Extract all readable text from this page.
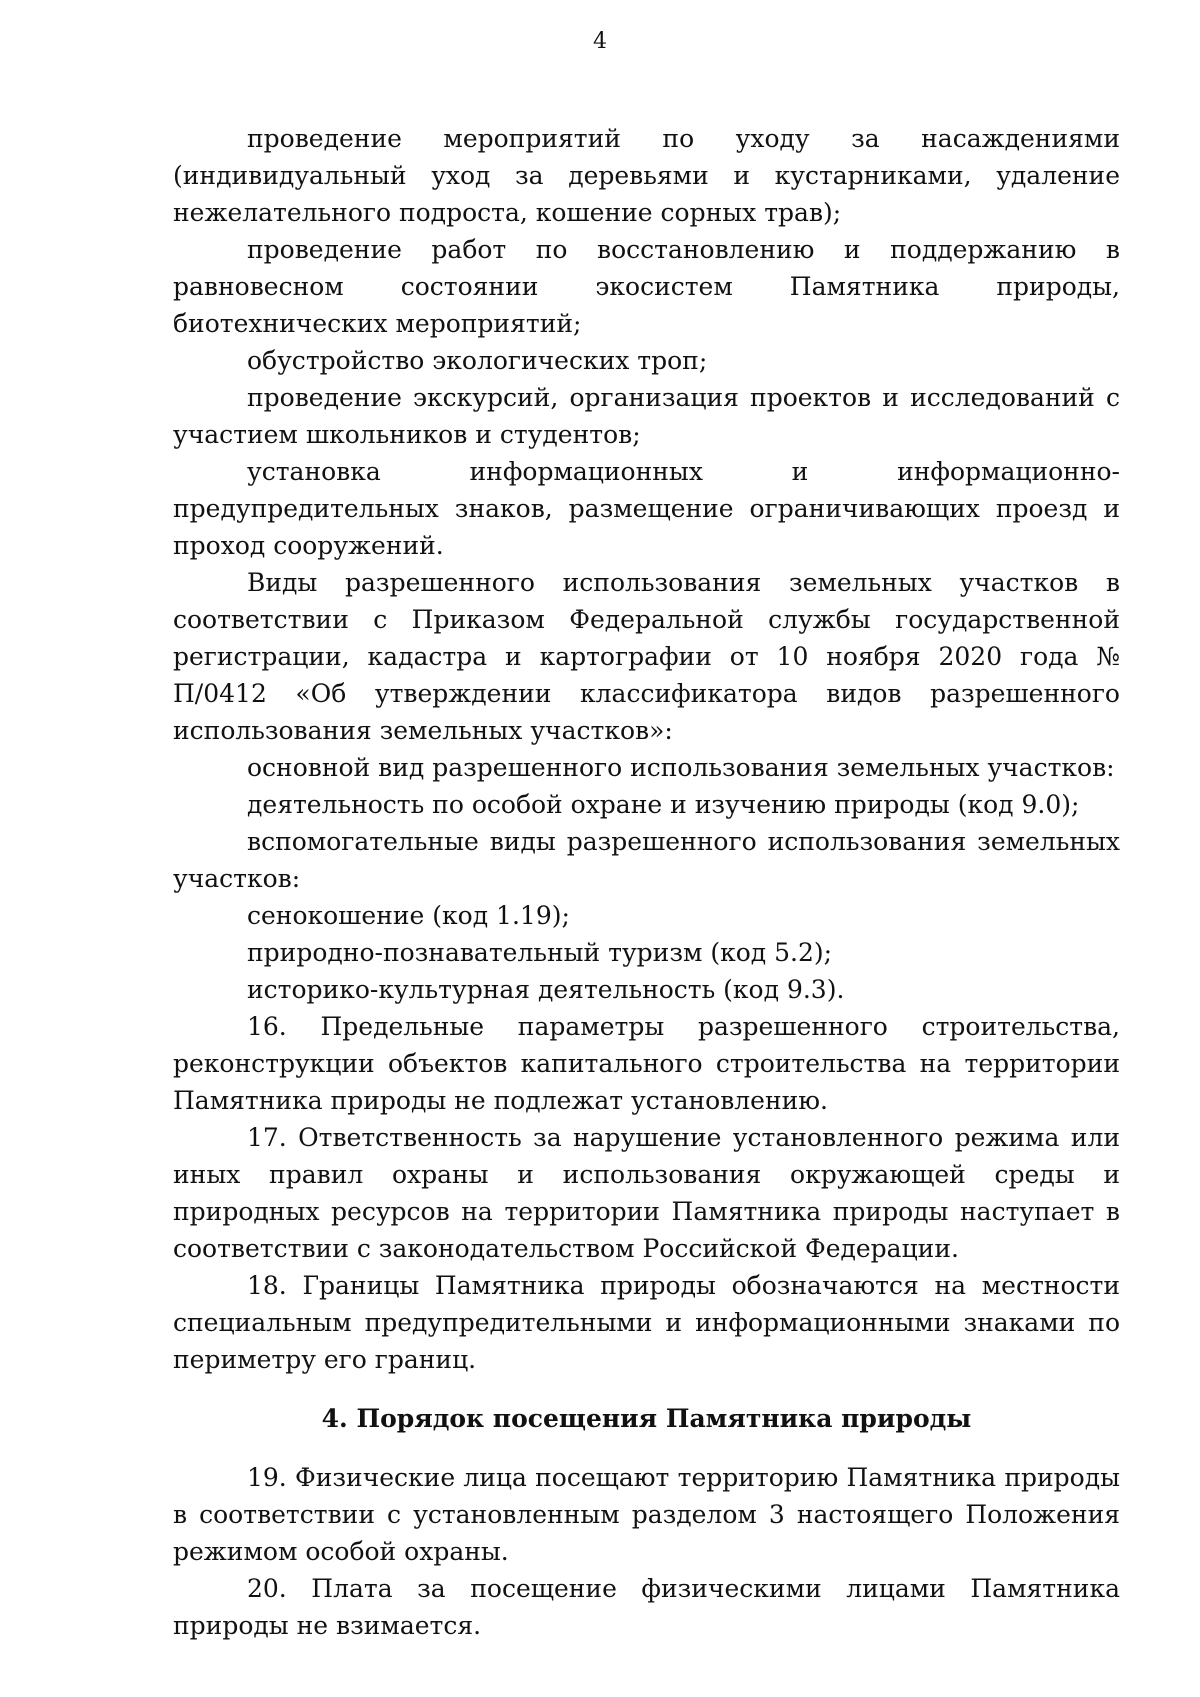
4

проведение мероприятий по уходу за насаждениями (индивидуальный уход за деревьями и кустарниками, удаление нежелательного подроста, кошение сорных трав);

проведение работ по восстановлению и поддержанию в равновесном состоянии экосистем Памятника природы, биотехнических мероприятий;

обустройство экологических троп;

проведение экскурсий, организация проектов и исследований с участием школьников и студентов;

установка информационных и информационно-предупредительных знаков, размещение ограничивающих проезд и проход сооружений.

Виды разрешенного использования земельных участков в соответствии с Приказом Федеральной службы государственной регистрации, кадастра и картографии от 10 ноября 2020 года № П/0412 «Об утверждении классификатора видов разрешенного использования земельных участков»:

основной вид разрешенного использования земельных участков:

деятельность по особой охране и изучению природы (код 9.0);

вспомогательные виды разрешенного использования земельных участков:

сенокошение (код 1.19);

природно-познавательный туризм (код 5.2);

историко-культурная деятельность (код 9.3).

16. Предельные параметры разрешенного строительства, реконструкции объектов капитального строительства на территории Памятника природы не подлежат установлению.

17. Ответственность за нарушение установленного режима или иных правил охраны и использования окружающей среды и природных ресурсов на территории Памятника природы наступает в соответствии с законодательством Российской Федерации.

18. Границы Памятника природы обозначаются на местности специальным предупредительными и информационными знаками по периметру его границ.

4. Порядок посещения Памятника природы

19. Физические лица посещают территорию Памятника природы в соответствии с установленным разделом 3 настоящего Положения режимом особой охраны.

20. Плата за посещение физическими лицами Памятника природы не взимается.
